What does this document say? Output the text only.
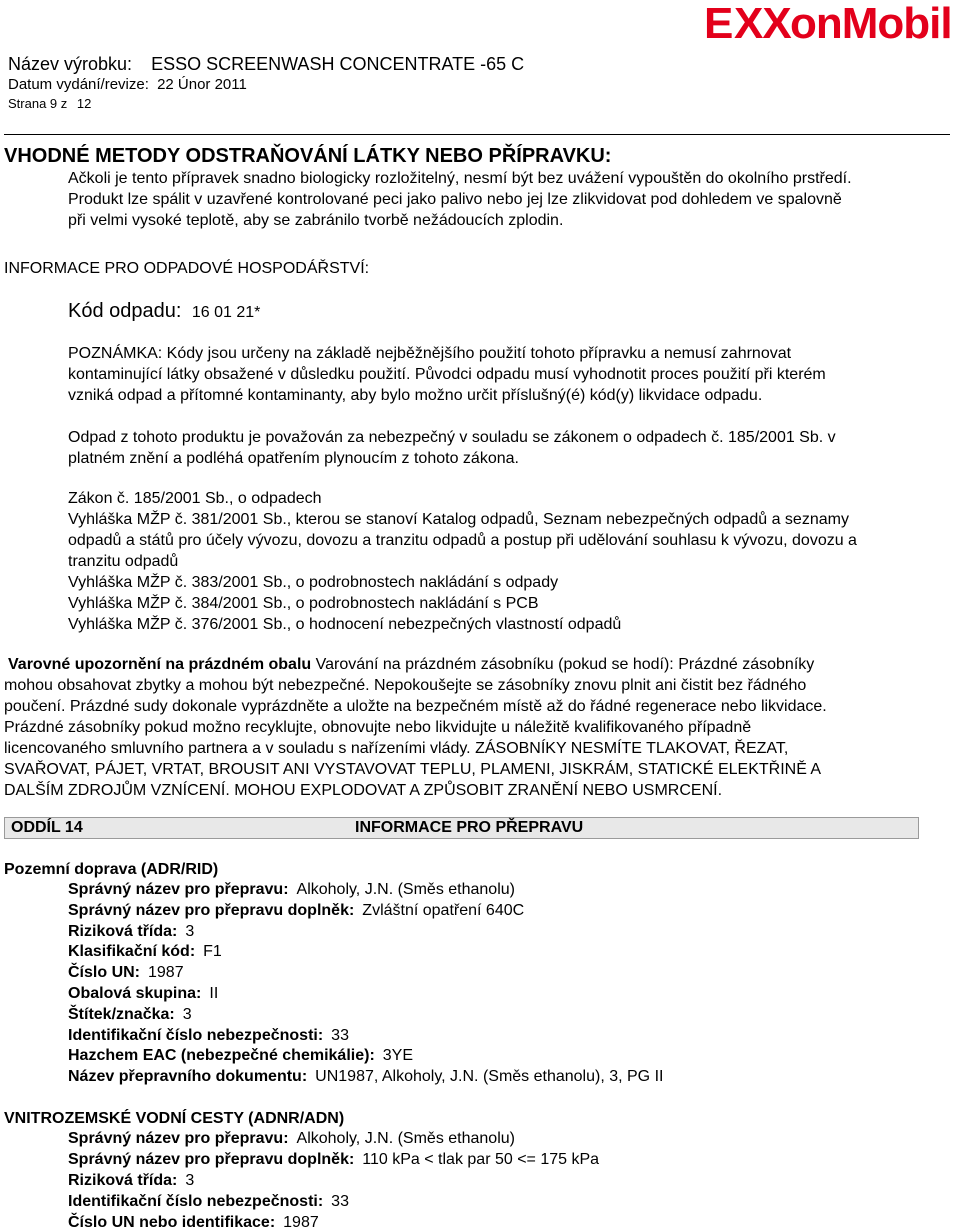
E XX onMobil
Název výrobku: ESSO SCREENWASH CONCENTRATE -65 C
Datum vydání/revize: 22 Únor 2011
Strana 9 z 12
VHODNÉ METODY ODSTRAŇOVÁNÍ LÁTKY NEBO PŘÍPRAVKU:
Ačkoli je tento přípravek snadno biologicky rozložitelný, nesmí být bez uvážení vypouštěn do okolního prstředí.
Produkt lze spálit v uzavřené kontrolované peci jako palivo nebo jej lze zlikvidovat pod dohledem ve spalovně
při velmi vysoké teplotě, aby se zabránilo tvorbě nežádoucích zplodin.
INFORMACE PRO ODPADOVÉ HOSPODÁŘSTVÍ:
Kód odpadu: 16 01 21*
POZNÁMKA: Kódy jsou určeny na základě nejběžnějšího použití tohoto přípravku a nemusí zahrnovat
kontaminující látky obsažené v důsledku použití. Původci odpadu musí vyhodnotit proces použití při kterém
vzniká odpad a přítomné kontaminanty, aby bylo možno určit příslušný(é) kód(y) likvidace odpadu.
Odpad z tohoto produktu je považován za nebezpečný v souladu se zákonem o odpadech č. 185/2001 Sb. v
platném znění a podléhá opatřením plynoucím z tohoto zákona.
Zákon č. 185/2001 Sb., o odpadech
Vyhláška MŽP č. 381/2001 Sb., kterou se stanoví Katalog odpadů, Seznam nebezpečných odpadů a seznamy
odpadů a států pro účely vývozu, dovozu a tranzitu odpadů a postup při udělování souhlasu k vývozu, dovozu a
tranzitu odpadů
Vyhláška MŽP č. 383/2001 Sb., o podrobnostech nakládání s odpady
Vyhláška MŽP č. 384/2001 Sb., o podrobnostech nakládání s PCB
Vyhláška MŽP č. 376/2001 Sb., o hodnocení nebezpečných vlastností odpadů
Varovné upozornění na prázdném obalu Varování na prázdném zásobníku (pokud se hodí): Prázdné zásobníky
mohou obsahovat zbytky a mohou být nebezpečné. Nepokoušejte se zásobníky znovu plnit ani čistit bez řádného
poučení. Prázdné sudy dokonale vyprázdněte a uložte na bezpečném místě až do řádné regenerace nebo likvidace.
Prázdné zásobníky pokud možno recyklujte, obnovujte nebo likvidujte u náležitě kvalifikovaného případně
licencovaného smluvního partnera a v souladu s nařízeními vlády. ZÁSOBNÍKY NESMÍTE TLAKOVAT, ŘEZAT,
SVAŘOVAT, PÁJET, VRTAT, BROUSIT ANI VYSTAVOVAT TEPLU, PLAMENI, JISKRÁM, STATICKÉ ELEKTŘINĚ A
DALŠÍM ZDROJŮM VZNÍCENÍ. MOHOU EXPLODOVAT A ZPŮSOBIT ZRANĚNÍ NEBO USMRCENÍ.
ODDÍL 14	INFORMACE PRO PŘEPRAVU
Pozemní doprava (ADR/RID)
Správný název pro přepravu: Alkoholy, J.N. (Směs ethanolu)
Správný název pro přepravu doplněk: Zvláštní opatření 640C
Riziková třída: 3
Klasifikační kód: F1
Číslo UN: 1987
Obalová skupina: II
Štítek/značka: 3
Identifikační číslo nebezpečnosti: 33
Hazchem EAC (nebezpečné chemikálie): 3YE
Název přepravního dokumentu: UN1987, Alkoholy, J.N. (Směs ethanolu), 3, PG II
VNITROZEMSKÉ VODNÍ CESTY (ADNR/ADN)
Správný název pro přepravu: Alkoholy, J.N. (Směs ethanolu)
Správný název pro přepravu doplněk: 110 kPa < tlak par 50 <= 175 kPa
Riziková třída: 3
Identifikační číslo nebezpečnosti: 33
Číslo UN nebo identifikace: 1987
